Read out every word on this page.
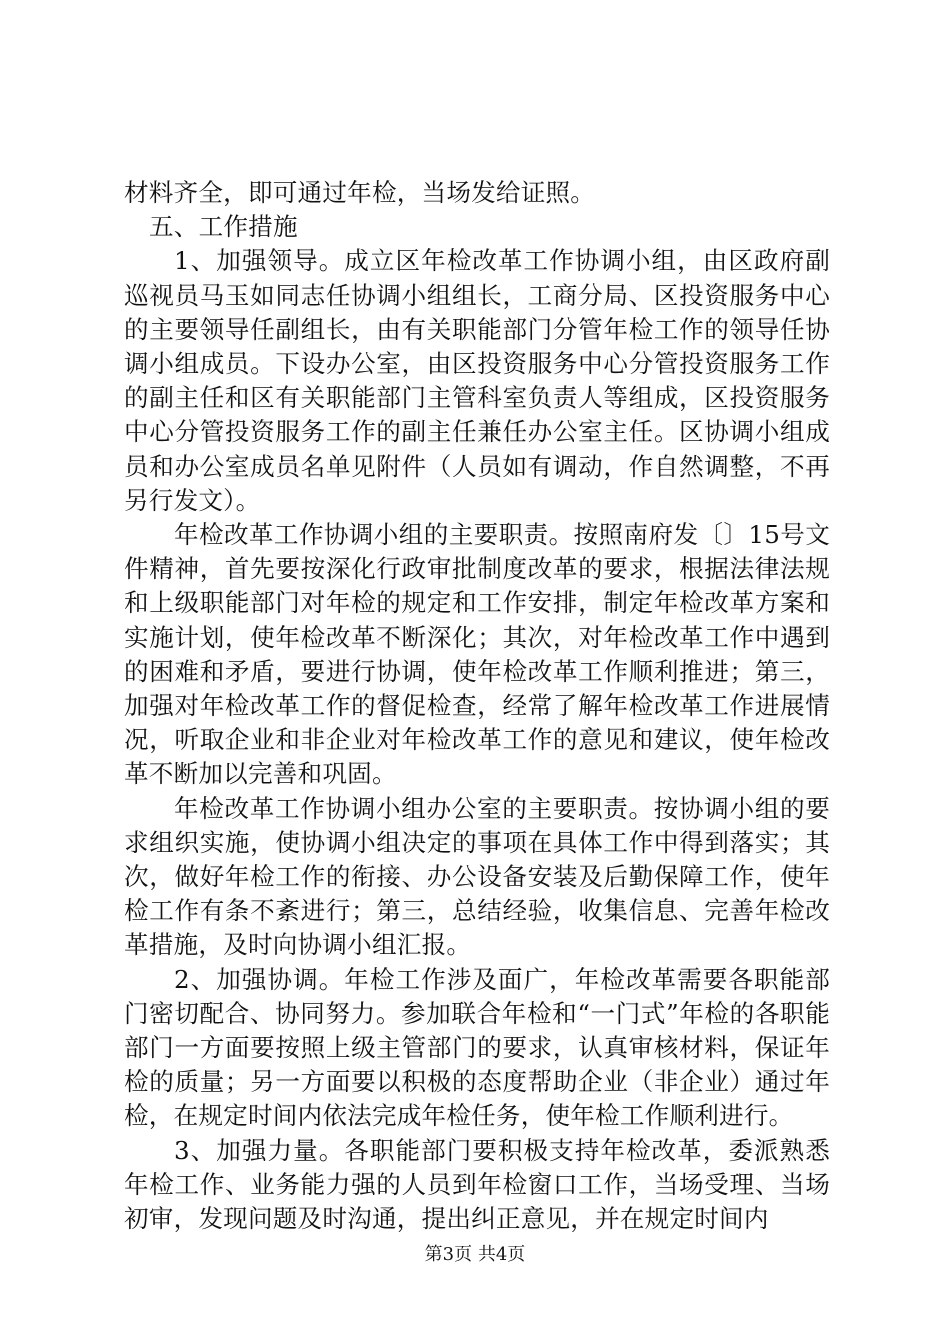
材料齐全，即可通过年检，当场发给证照。

五、工作措施

1、加强领导。成立区年检改革工作协调小组，由区政府副巡视员马玉如同志任协调小组组长，工商分局、区投资服务中心的主要领导任副组长，由有关职能部门分管年检工作的领导任协调小组成员。下设办公室，由区投资服务中心分管投资服务工作的副主任和区有关职能部门主管科室负责人等组成，区投资服务中心分管投资服务工作的副主任兼任办公室主任。区协调小组成员和办公室成员名单见附件（人员如有调动，作自然调整，不再另行发文）。

年检改革工作协调小组的主要职责。按照南府发〔〕15号文件精神，首先要按深化行政审批制度改革的要求，根据法律法规和上级职能部门对年检的规定和工作安排，制定年检改革方案和实施计划，使年检改革不断深化；其次，对年检改革工作中遇到的困难和矛盾，要进行协调，使年检改革工作顺利推进；第三，加强对年检改革工作的督促检查，经常了解年检改革工作进展情况，听取企业和非企业对年检改革工作的意见和建议，使年检改革不断加以完善和巩固。

年检改革工作协调小组办公室的主要职责。按协调小组的要求组织实施，使协调小组决定的事项在具体工作中得到落实；其次，做好年检工作的衔接、办公设备安装及后勤保障工作，使年检工作有条不紊进行；第三，总结经验，收集信息、完善年检改革措施，及时向协调小组汇报。

2、加强协调。年检工作涉及面广，年检改革需要各职能部门密切配合、协同努力。参加联合年检和“一门式”年检的各职能部门一方面要按照上级主管部门的要求，认真审核材料，保证年检的质量；另一方面要以积极的态度帮助企业（非企业）通过年检，在规定时间内依法完成年检任务，使年检工作顺利进行。

3、加强力量。各职能部门要积极支持年检改革，委派熟悉年检工作、业务能力强的人员到年检窗口工作，当场受理、当场初审，发现问题及时沟通，提出纠正意见，并在规定时间内

第3页 共4页
